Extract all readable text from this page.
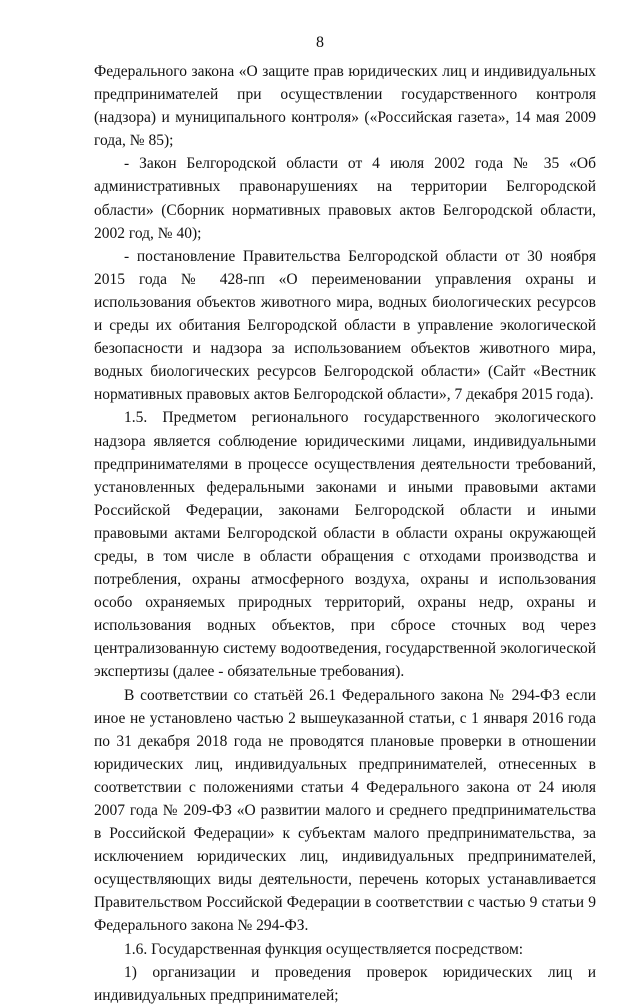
8

Федерального закона «О защите прав юридических лиц и индивидуальных предпринимателей при осуществлении государственного контроля (надзора) и муниципального контроля» («Российская газета», 14 мая 2009 года, № 85);

- Закон Белгородской области от 4 июля 2002 года № 35 «Об административных правонарушениях на территории Белгородской области» (Сборник нормативных правовых актов Белгородской области, 2002 год, № 40);

- постановление Правительства Белгородской области от 30 ноября 2015 года № 428-пп «О переименовании управления охраны и использования объектов животного мира, водных биологических ресурсов и среды их обитания Белгородской области в управление экологической безопасности и надзора за использованием объектов животного мира, водных биологических ресурсов Белгородской области» (Сайт «Вестник нормативных правовых актов Белгородской области», 7 декабря 2015 года).

1.5. Предметом регионального государственного экологического надзора является соблюдение юридическими лицами, индивидуальными предпринимателями в процессе осуществления деятельности требований, установленных федеральными законами и иными правовыми актами Российской Федерации, законами Белгородской области и иными правовыми актами Белгородской области в области охраны окружающей среды, в том числе в области обращения с отходами производства и потребления, охраны атмосферного воздуха, охраны и использования особо охраняемых природных территорий, охраны недр, охраны и использования водных объектов, при сбросе сточных вод через централизованную систему водоотведения, государственной экологической экспертизы (далее - обязательные требования).

В соответствии со статьёй 26.1 Федерального закона № 294-ФЗ если иное не установлено частью 2 вышеуказанной статьи, с 1 января 2016 года по 31 декабря 2018 года не проводятся плановые проверки в отношении юридических лиц, индивидуальных предпринимателей, отнесенных в соответствии с положениями статьи 4 Федерального закона от 24 июля 2007 года № 209-ФЗ «О развитии малого и среднего предпринимательства в Российской Федерации» к субъектам малого предпринимательства, за исключением юридических лиц, индивидуальных предпринимателей, осуществляющих виды деятельности, перечень которых устанавливается Правительством Российской Федерации в соответствии с частью 9 статьи 9 Федерального закона № 294-ФЗ.

1.6. Государственная функция осуществляется посредством:

1) организации и проведения проверок юридических лиц и индивидуальных предпринимателей;
